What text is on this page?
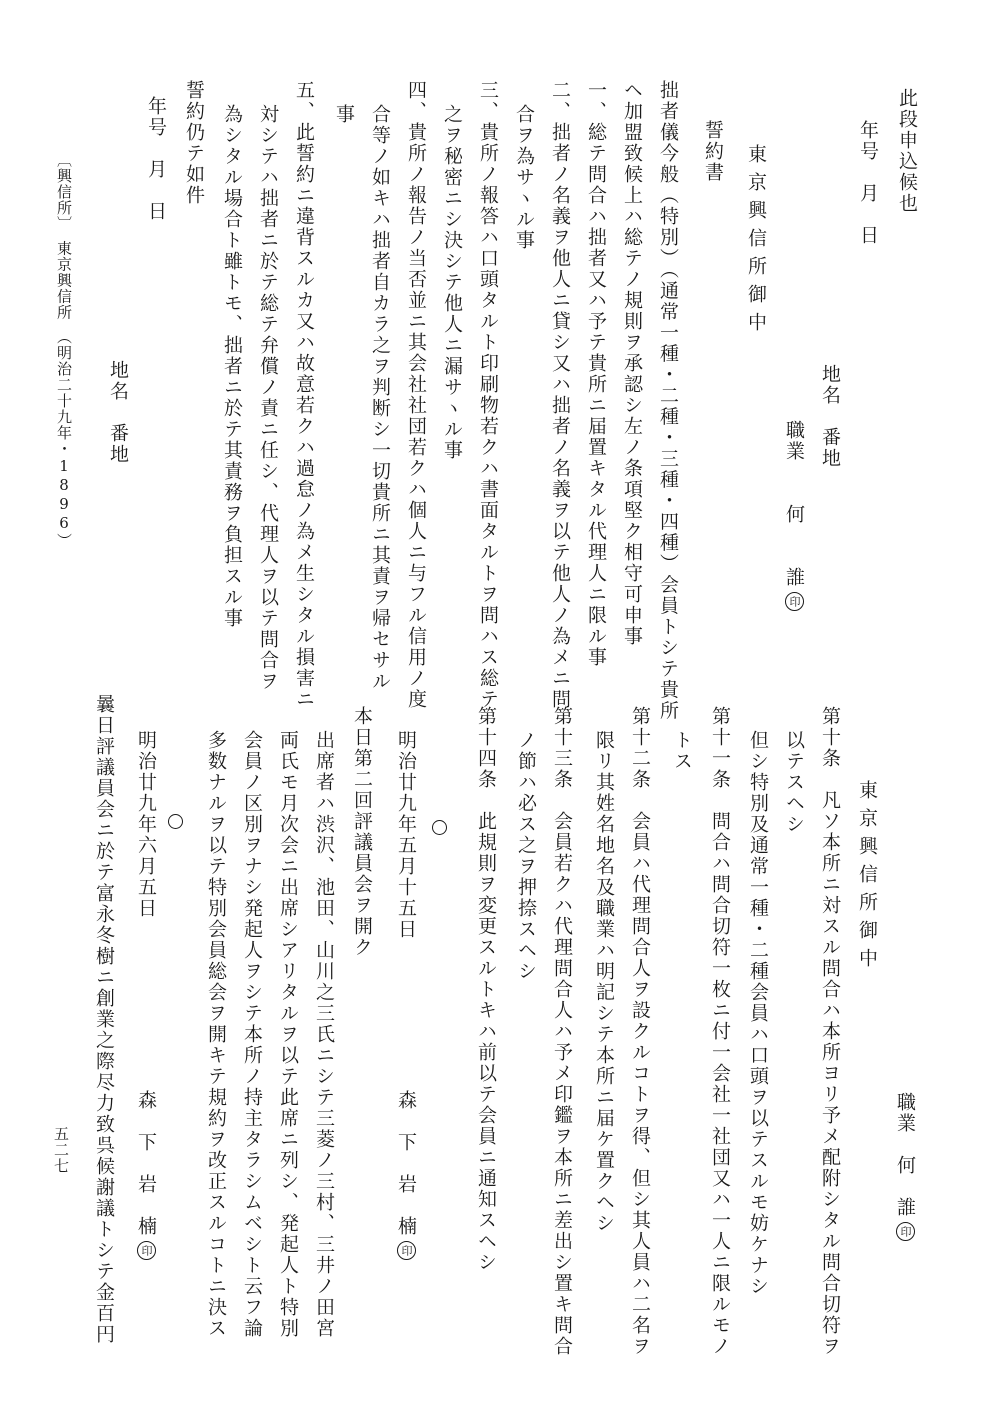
此段申込候也
年号　月　日
地名　番地
職業　　何　　誰印
東京興信所御中
誓約書
拙者儀今般（特別）（通常一種・二種・三種・四種）会員トシテ貴所
ヘ加盟致候上ハ総テノ規則ヲ承認シ左ノ条項堅ク相守可申事
一、総テ問合ハ拙者又ハ予テ貴所ニ届置キタル代理人ニ限ル事
二、拙者ノ名義ヲ他人ニ貸シ又ハ拙者ノ名義ヲ以テ他人ノ為メニ問
合ヲ為サヽル事
三、貴所ノ報答ハ口頭タルト印刷物若クハ書面タルトヲ問ハス総テ
之ヲ秘密ニシ決シテ他人ニ漏サヽル事
四、貴所ノ報告ノ当否並ニ其会社社団若クハ個人ニ与フル信用ノ度
合等ノ如キハ拙者自カラ之ヲ判断シ一切貴所ニ其責ヲ帰セサル
事
五、此誓約ニ違背スルカ又ハ故意若クハ過怠ノ為メ生シタル損害ニ
対シテハ拙者ニ於テ総テ弁償ノ責ニ任シ、代理人ヲ以テ問合ヲ
為シタル場合ト雖トモ、拙者ニ於テ其責務ヲ負担スル事
誓約仍テ如件
年号　月　日
地名　番地
〔興信所〕　東京興信所　（明治二十九年・1896）
職業　何　誰印
東京興信所御中
第十条　凡ソ本所ニ対スル問合ハ本所ヨリ予メ配附シタル問合切符ヲ
以テスヘシ
但シ特別及通常一種・二種会員ハ口頭ヲ以テスルモ妨ケナシ
第十一条　問合ハ問合切符一枚ニ付一会社一社団又ハ一人ニ限ルモノ
トス
第十二条　会員ハ代理問合人ヲ設クルコトヲ得、但シ其人員ハ二名ヲ
限リ其姓名地名及職業ハ明記シテ本所ニ届ケ置クヘシ
第十三条　会員若クハ代理問合人ハ予メ印鑑ヲ本所ニ差出シ置キ問合
ノ節ハ必ス之ヲ押捺スヘシ
第十四条　此規則ヲ変更スルトキハ前以テ会員ニ通知スヘシ
明治廿九年五月十五日
森　下　岩　楠印
本日第二回評議員会ヲ開ク
出席者ハ渋沢、池田、山川之三氏ニシテ三菱ノ三村、三井ノ田宮
両氏モ月次会ニ出席シアリタルヲ以テ此席ニ列シ、発起人ト特別
会員ノ区別ヲナシ発起人ヲシテ本所ノ持主タラシムベシト云フ論
多数ナルヲ以テ特別会員総会ヲ開キテ規約ヲ改正スルコトニ決ス
明治廿九年六月五日
森　下　岩　楠印
曩日評議員会ニ於テ富永冬樹ニ創業之際尽力致呉候謝議トシテ金百円
五二七
